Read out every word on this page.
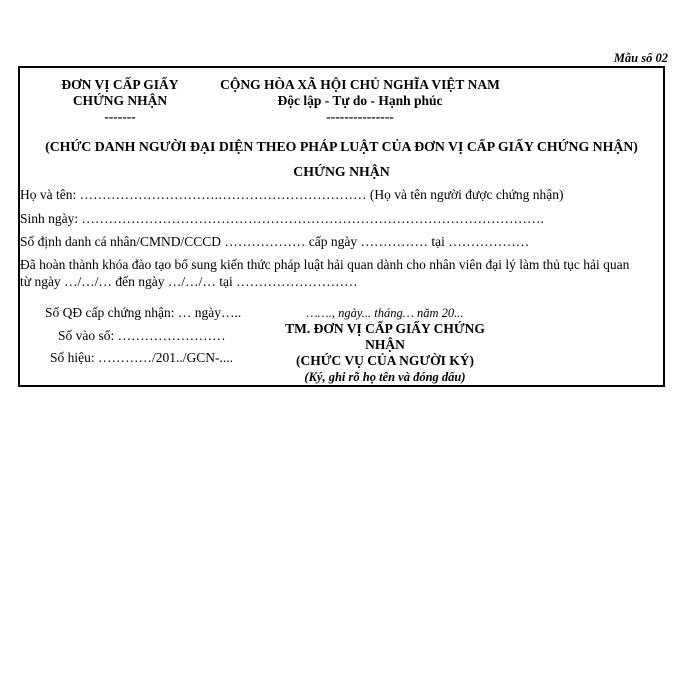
Mẫu số 02
ĐƠN VỊ CẤP GIẤY
CHỨNG NHẬN
-------
CỘNG HÒA XÃ HỘI CHỦ NGHĨA VIỆT NAM
Độc lập - Tự do - Hạnh phúc
---------------
(CHỨC DANH NGƯỜI ĐẠI DIỆN THEO PHÁP LUẬT CỦA ĐƠN VỊ CẤP GIẤY CHỨNG NHẬN)
CHỨNG NHẬN
Họ và tên: ………………………….…………………………… (Họ và tên người được chứng nhận)
Sinh ngày: ………………………………………………………………………………………….
Số định danh cá nhân/CMND/CCCD ……………… cấp ngày …………… tại ………………
Đã hoàn thành khóa đào tạo bổ sung kiến thức pháp luật hải quan dành cho nhân viên đại lý làm thủ tục hải quan
từ ngày …/…/… đến ngày …/…/… tại ………………………
Số QĐ cấp chứng nhận: … ngày…..
Số vào sổ: ……………………
Số hiệu: …………/201../GCN-....
……., ngày... tháng… năm 20...
TM. ĐƠN VỊ CẤP GIẤY CHỨNG
NHẬN
(CHỨC VỤ CỦA NGƯỜI KÝ)
(Ký, ghi rõ họ tên và đóng dấu)
